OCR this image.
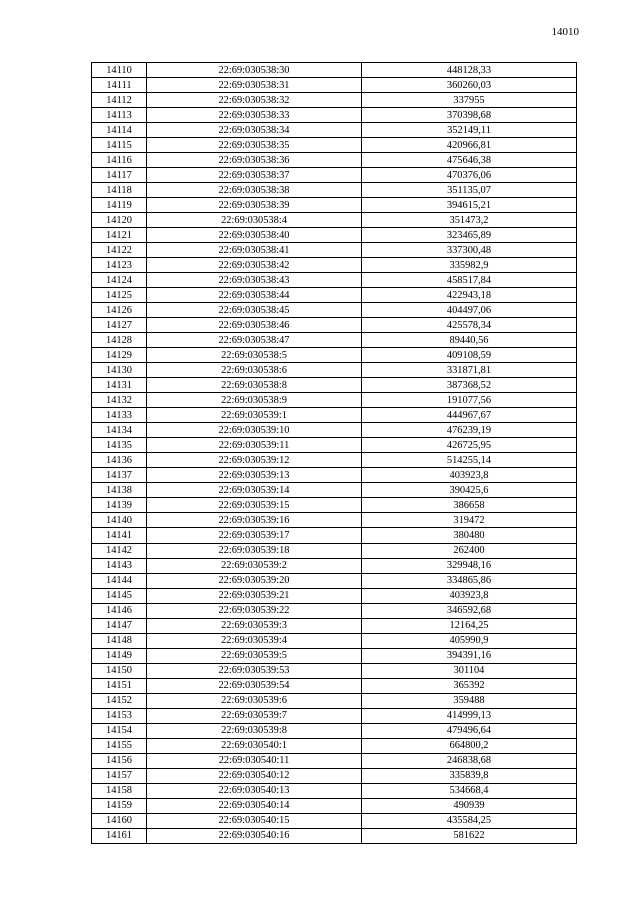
14010
14110	22:69:030538:30	448128,33
14111	22:69:030538:31	360260,03
14112	22:69:030538:32	337955
14113	22:69:030538:33	370398,68
14114	22:69:030538:34	352149,11
14115	22:69:030538:35	420966,81
14116	22:69:030538:36	475646,38
14117	22:69:030538:37	470376,06
14118	22:69:030538:38	351135,07
14119	22:69:030538:39	394615,21
14120	22:69:030538:4	351473,2
14121	22:69:030538:40	323465,89
14122	22:69:030538:41	337300,48
14123	22:69:030538:42	335982,9
14124	22:69:030538:43	458517,84
14125	22:69:030538:44	422943,18
14126	22:69:030538:45	404497,06
14127	22:69:030538:46	425578,34
14128	22:69:030538:47	89440,56
14129	22:69:030538:5	409108,59
14130	22:69:030538:6	331871,81
14131	22:69:030538:8	387368,52
14132	22:69:030538:9	191077,56
14133	22:69:030539:1	444967,67
14134	22:69:030539:10	476239,19
14135	22:69:030539:11	426725,95
14136	22:69:030539:12	514255,14
14137	22:69:030539:13	403923,8
14138	22:69:030539:14	390425,6
14139	22:69:030539:15	386658
14140	22:69:030539:16	319472
14141	22:69:030539:17	380480
14142	22:69:030539:18	262400
14143	22:69:030539:2	329948,16
14144	22:69:030539:20	334865,86
14145	22:69:030539:21	403923,8
14146	22:69:030539:22	346592,68
14147	22:69:030539:3	12164,25
14148	22:69:030539:4	405990,9
14149	22:69:030539:5	394391,16
14150	22:69:030539:53	301104
14151	22:69:030539:54	365392
14152	22:69:030539:6	359488
14153	22:69:030539:7	414999,13
14154	22:69:030539:8	479496,64
14155	22:69:030540:1	664800,2
14156	22:69:030540:11	246838,68
14157	22:69:030540:12	335839,8
14158	22:69:030540:13	534668,4
14159	22:69:030540:14	490939
14160	22:69:030540:15	435584,25
14161	22:69:030540:16	581622
